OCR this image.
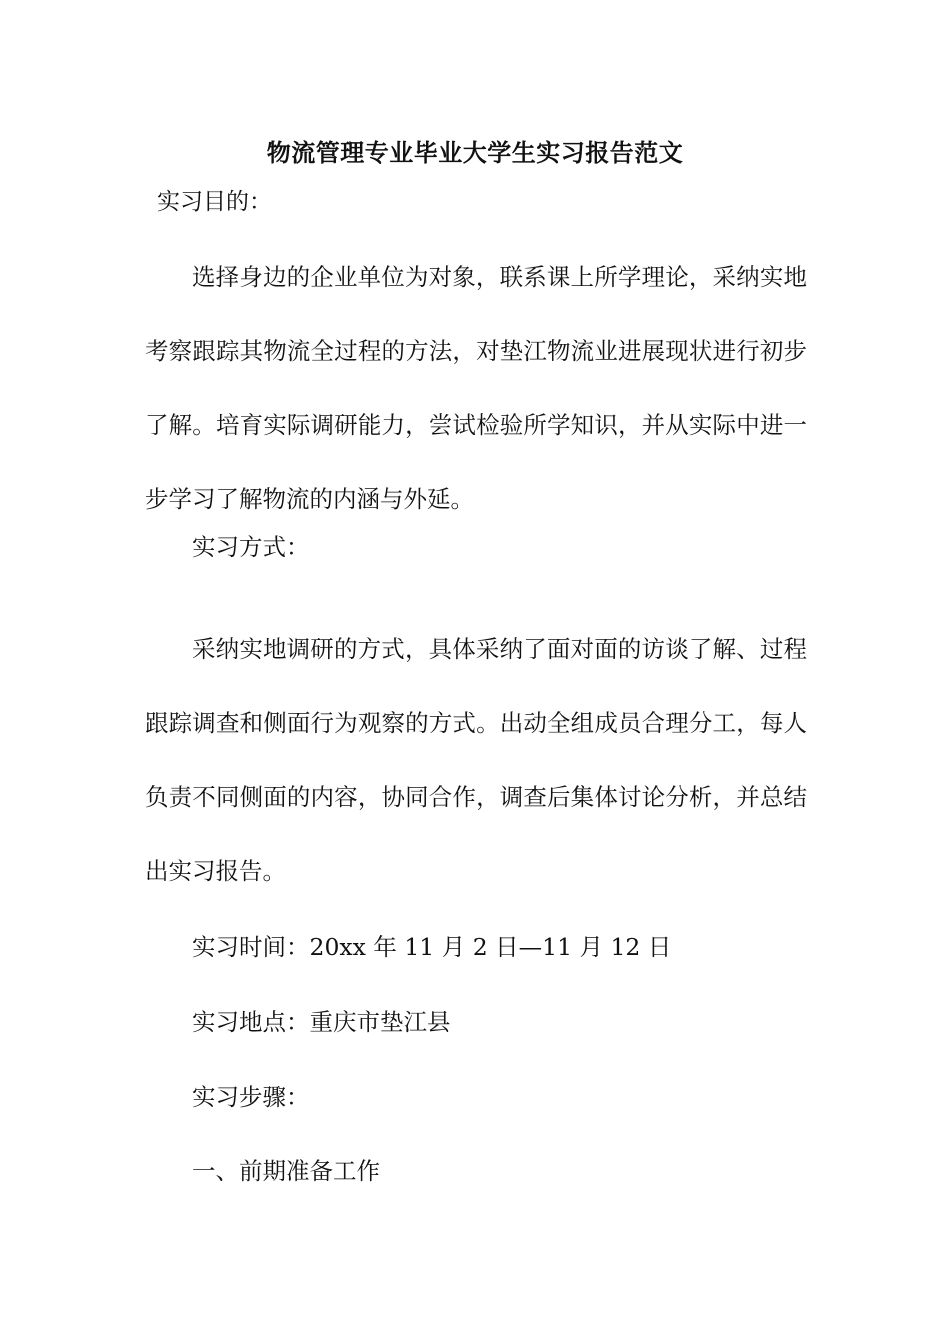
物流管理专业毕业大学生实习报告范文
实习目的：

选择身边的企业单位为对象，联系课上所学理论，采纳实地考察跟踪其物流全过程的方法，对垫江物流业进展现状进行初步了解。培育实际调研能力，尝试检验所学知识，并从实际中进一步学习了解物流的内涵与外延。

实习方式：

采纳实地调研的方式，具体采纳了面对面的访谈了解、过程跟踪调查和侧面行为观察的方式。出动全组成员合理分工，每人负责不同侧面的内容，协同合作，调查后集体讨论分析，并总结出实习报告。

实习时间：20xx 年 11 月 2 日—11 月 12 日
实习地点：重庆市垫江县
实习步骤：
一、前期准备工作
